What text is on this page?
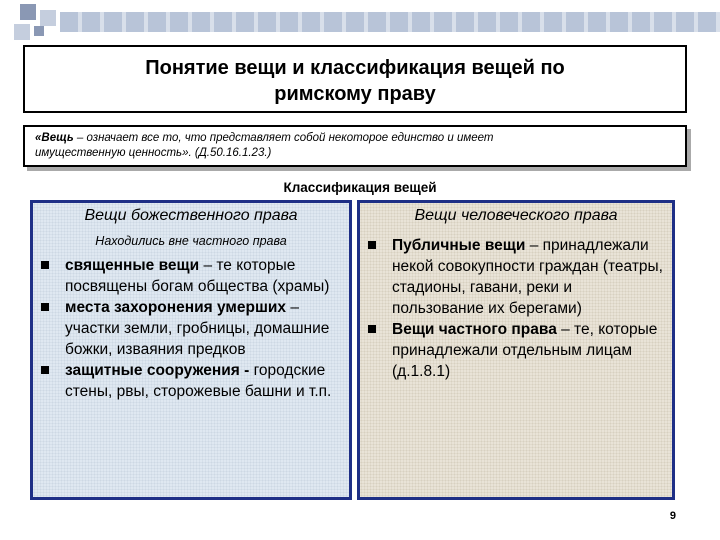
Понятие вещи и классификация вещей по
римскому праву
«Вещь – означает все то, что представляет собой некоторое единство и имеет
имущественную ценность». (Д.50.16.1.23.)
Классификация вещей
Вещи божественного права
Находились вне частного права
священные вещи – те которые посвящены богам общества (храмы)
места захоронения умерших – участки земли, гробницы, домашние божки, изваяния предков
защитные сооружения - городские стены, рвы, сторожевые башни и т.п.
Вещи человеческого права
Публичные вещи – принадлежали некой совокупности граждан (театры, стадионы, гавани, реки и пользование их берегами)
Вещи частного права – те, которые принадлежали отдельным лицам (д.1.8.1)
9
